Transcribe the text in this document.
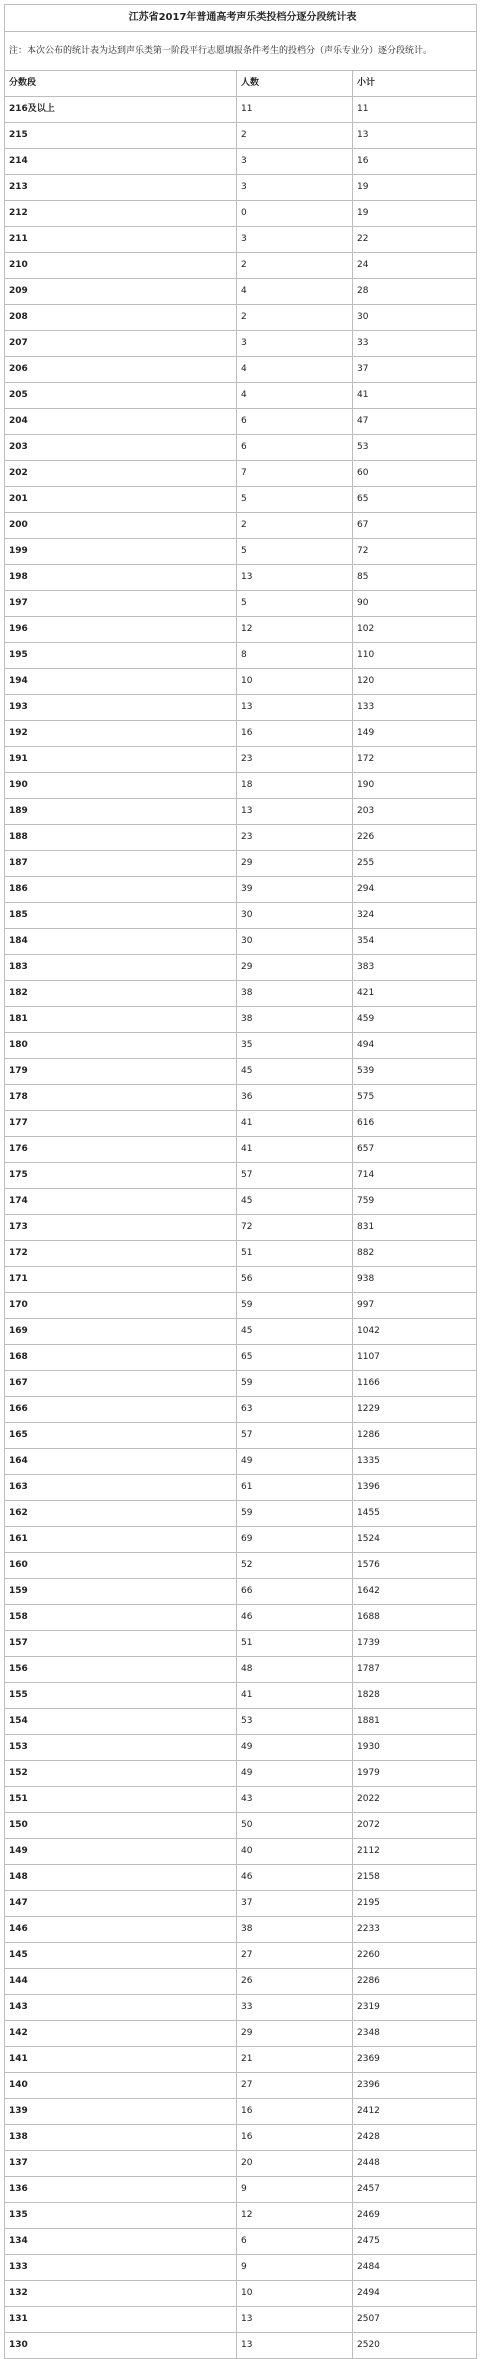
江苏省2017年普通高考声乐类投档分逐分段统计表		
注：本次公布的统计表为达到声乐类第一阶段平行志愿填报条件考生的投档分（声乐专业分）逐分段统计。		
分数段	人数	小计
216及以上	11	11
215	2	13
214	3	16
213	3	19
212	0	19
211	3	22
210	2	24
209	4	28
208	2	30
207	3	33
206	4	37
205	4	41
204	6	47
203	6	53
202	7	60
201	5	65
200	2	67
199	5	72
198	13	85
197	5	90
196	12	102
195	8	110
194	10	120
193	13	133
192	16	149
191	23	172
190	18	190
189	13	203
188	23	226
187	29	255
186	39	294
185	30	324
184	30	354
183	29	383
182	38	421
181	38	459
180	35	494
179	45	539
178	36	575
177	41	616
176	41	657
175	57	714
174	45	759
173	72	831
172	51	882
171	56	938
170	59	997
169	45	1042
168	65	1107
167	59	1166
166	63	1229
165	57	1286
164	49	1335
163	61	1396
162	59	1455
161	69	1524
160	52	1576
159	66	1642
158	46	1688
157	51	1739
156	48	1787
155	41	1828
154	53	1881
153	49	1930
152	49	1979
151	43	2022
150	50	2072
149	40	2112
148	46	2158
147	37	2195
146	38	2233
145	27	2260
144	26	2286
143	33	2319
142	29	2348
141	21	2369
140	27	2396
139	16	2412
138	16	2428
137	20	2448
136	9	2457
135	12	2469
134	6	2475
133	9	2484
132	10	2494
131	13	2507
130	13	2520
